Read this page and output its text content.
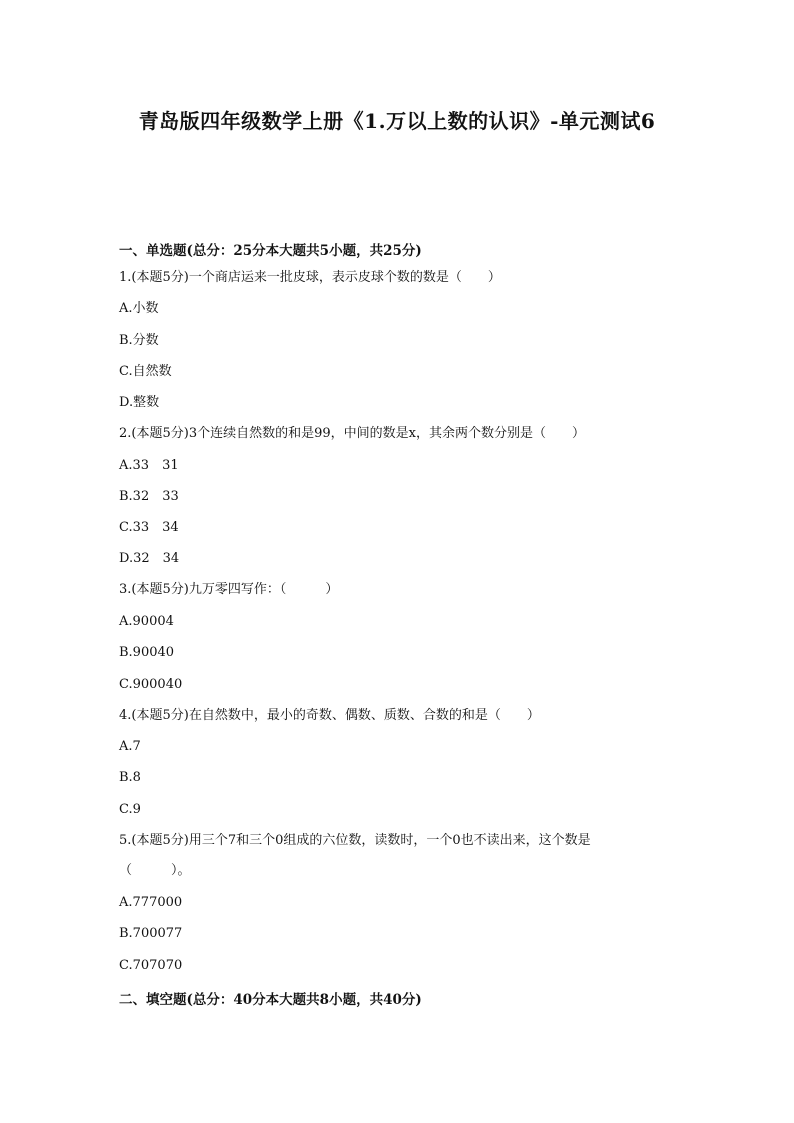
青岛版四年级数学上册《1.万以上数的认识》-单元测试6
一、单选题(总分：25分本大题共5小题，共25分)
1.(本题5分)一个商店运来一批皮球，表示皮球个数的数是（　　）
A.小数
B.分数
C.自然数
D.整数
2.(本题5分)3个连续自然数的和是99，中间的数是x，其余两个数分别是（　　）
A.33　31
B.32　33
C.33　34
D.32　34
3.(本题5分)九万零四写作：（　　　）
A.90004
B.90040
C.900040
4.(本题5分)在自然数中，最小的奇数、偶数、质数、合数的和是（　　）
A.7
B.8
C.9
5.(本题5分)用三个7和三个0组成的六位数，读数时，一个0也不读出来，这个数是
（　　　）。
A.777000
B.700077
C.707070
二、填空题(总分：40分本大题共8小题，共40分)
